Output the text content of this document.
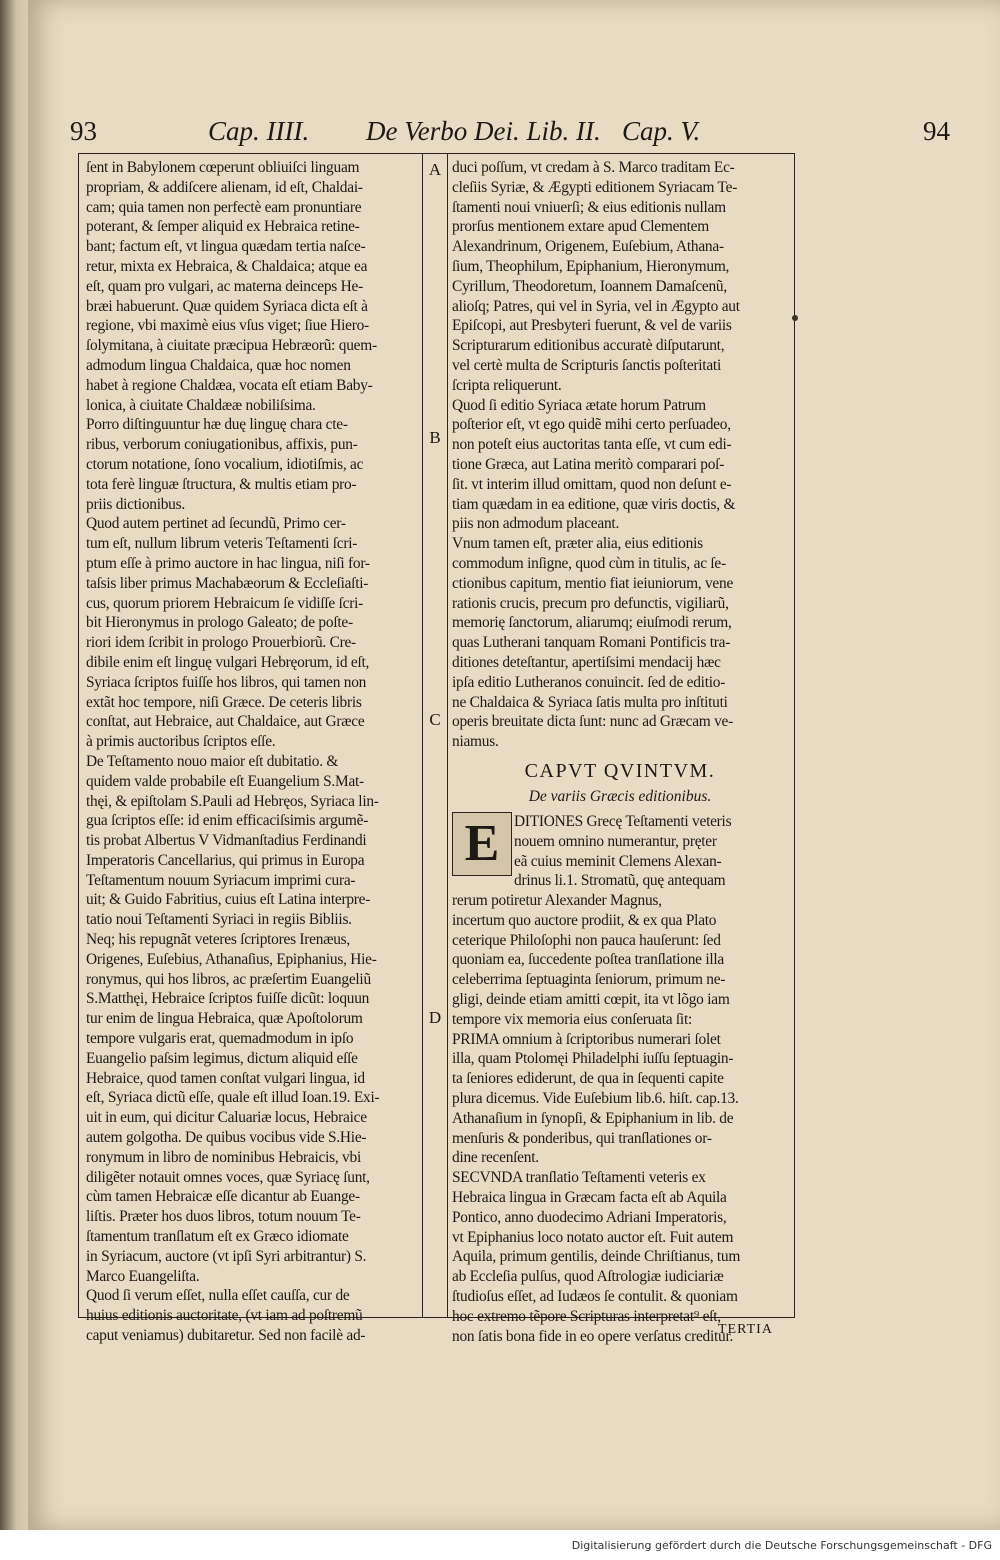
93	Cap. IIII. De Verbo Dei. Lib. II. Cap. V.	94
A
B
C
D
ſent in Babylonem cœperunt obliuiſci linguam
propriam, & addiſcere alienam, id eſt, Chaldai-
cam; quia tamen non perfectè eam pronuntiare
poterant, & ſemper aliquid ex Hebraica retine-
bant; factum eſt, vt lingua quædam tertia naſce-
retur, mixta ex Hebraica, & Chaldaica; atque ea
eſt, quam pro vulgari, ac materna deinceps He-
bræi habuerunt. Quæ quidem Syriaca dicta eſt à
regione, vbi maximè eius vſus viget; ſiue Hiero-
ſolymitana, à ciuitate præcipua Hebræorũ: quem-
admodum lingua Chaldaica, quæ hoc nomen
habet à regione Chaldæa, vocata eſt etiam Baby-
lonica, à ciuitate Chaldææ nobiliſsima.
Porro diſtinguuntur hæ duę linguę chara cte-
ribus, verborum coniugationibus, affixis, pun-
ctorum notatione, ſono vocalium, idiotiſmis, ac
tota ferè linguæ ſtructura, & multis etiam pro-
priis dictionibus.
Quod autem pertinet ad ſecundũ, Primo cer-
tum eſt, nullum librum veteris Teſtamenti ſcri-
ptum eſſe à primo auctore in hac lingua, niſi for-
taſsis liber primus Machabæorum & Eccleſiaſti-
cus, quorum priorem Hebraicum ſe vidiſſe ſcri-
bit Hieronymus in prologo Galeato; de poſte-
riori idem ſcribit in prologo Prouerbiorũ. Cre-
dibile enim eſt linguę vulgari Hebręorum, id eſt,
Syriaca ſcriptos fuiſſe hos libros, qui tamen non
extãt hoc tempore, niſi Græce. De ceteris libris
conſtat, aut Hebraice, aut Chaldaice, aut Græce
à primis auctoribus ſcriptos eſſe.
De Teſtamento nouo maior eſt dubitatio. &
quidem valde probabile eſt Euangelium S.Mat-
thęi, & epiſtolam S.Pauli ad Hebręos, Syriaca lin-
gua ſcriptos eſſe: id enim efficaciſsimis argumẽ-
tis probat Albertus V Vidmanſtadius Ferdinandi
Imperatoris Cancellarius, qui primus in Europa
Teſtamentum nouum Syriacum imprimi cura-
uit; & Guido Fabritius, cuius eſt Latina interpre-
tatio noui Teſtamenti Syriaci in regiis Bibliis.
Neq; his repugnãt veteres ſcriptores Irenæus,
Origenes, Euſebius, Athanaſius, Epiphanius, Hie-
ronymus, qui hos libros, ac præſertim Euangeliũ
S.Matthęi, Hebraice ſcriptos fuiſſe dicũt: loquun
tur enim de lingua Hebraica, quæ Apoſtolorum
tempore vulgaris erat, quemadmodum in ipſo
Euangelio paſsim legimus, dictum aliquid eſſe
Hebraice, quod tamen conſtat vulgari lingua, id
eſt, Syriaca dictũ eſſe, quale eſt illud Ioan.19. Exi-
uit in eum, qui dicitur Caluariæ locus, Hebraice
autem golgotha. De quibus vocibus vide S.Hie-
ronymum in libro de nominibus Hebraicis, vbi
diligẽter notauit omnes voces, quæ Syriacę ſunt,
cùm tamen Hebraicæ eſſe dicantur ab Euange-
liſtis. Præter hos duos libros, totum nouum Te-
ſtamentum tranſlatum eſt ex Græco idiomate
in Syriacum, auctore (vt ipſi Syri arbitrantur) S.
Marco Euangeliſta.
Quod ſi verum eſſet, nulla eſſet cauſſa, cur de
huius editionis auctoritate, (vt iam ad poſtremũ
caput veniamus) dubitaretur. Sed non facilè ad-
duci poſſum, vt credam à S. Marco traditam Ec-
cleſiis Syriæ, & Ægypti editionem Syriacam Te-
ſtamenti noui vniuerſi; & eius editionis nullam
prorſus mentionem extare apud Clementem
Alexandrinum, Origenem, Euſebium, Athana-
ſium, Theophilum, Epiphanium, Hieronymum,
Cyrillum, Theodoretum, Ioannem Damaſcenũ,
alioſq; Patres, qui vel in Syria, vel in Ægypto aut
Epiſcopi, aut Presbyteri fuerunt, & vel de variis
Scripturarum editionibus accuratè diſputarunt,
vel certè multa de Scripturis ſanctis poſteritati
ſcripta reliquerunt.
Quod ſi editio Syriaca ætate horum Patrum
poſterior eſt, vt ego quidẽ mihi certo perſuadeo,
non poteſt eius auctoritas tanta eſſe, vt cum edi-
tione Græca, aut Latina meritò comparari poſ-
ſit. vt interim illud omittam, quod non deſunt e-
tiam quædam in ea editione, quæ viris doctis, &
piis non admodum placeant.
Vnum tamen eſt, præter alia, eius editionis
commodum inſigne, quod cùm in titulis, ac ſe-
ctionibus capitum, mentio fiat ieiuniorum, vene
rationis crucis, precum pro defunctis, vigiliarũ,
memorię ſanctorum, aliarumq; eiuſmodi rerum,
quas Lutherani tanquam Romani Pontificis tra-
ditiones deteſtantur, apertiſsimi mendacij hæc
ipſa editio Lutheranos conuincit. ſed de editio-
ne Chaldaica & Syriaca ſatis multa pro inſtituti
operis breuitate dicta ſunt: nunc ad Græcam ve-
niamus.
CAPVT QVINTVM.
De variis Græcis editionibus.
E DITIONES Grecę Teſtamenti veteris
nouem omnino numerantur, pręter
eã cuius meminit Clemens Alexan-
drinus li.1. Stromatũ, quę antequam
rerum potiretur Alexander Magnus,
incertum quo auctore prodiit, & ex qua Plato
ceterique Philoſophi non pauca hauſerunt: ſed
quoniam ea, ſuccedente poſtea tranſlatione illa
celeberrima ſeptuaginta ſeniorum, primum ne-
gligi, deinde etiam amitti cœpit, ita vt lõgo iam
tempore vix memoria eius conſeruata ſit:
PRIMA omnium à ſcriptoribus numerari ſolet
illa, quam Ptolomęi Philadelphi iuſſu ſeptuagin-
ta ſeniores ediderunt, de qua in ſequenti capite
plura dicemus. Vide Euſebium lib.6. hiſt. cap.13.
Athanaſium in ſynopſi, & Epiphanium in lib. de
menſuris & ponderibus, qui tranſlationes or-
dine recenſent.
SECVNDA tranſlatio Teſtamenti veteris ex
Hebraica lingua in Græcam facta eſt ab Aquila
Pontico, anno duodecimo Adriani Imperatoris,
vt Epiphanius loco notato auctor eſt. Fuit autem
Aquila, primum gentilis, deinde Chriſtianus, tum
ab Eccleſia pulſus, quod Aſtrologiæ iudiciariæ
ſtudioſus eſſet, ad Iudæos ſe contulit. & quoniam
hoc extremo tẽpore Scripturas interpretat⁹ eſt,
non ſatis bona fide in eo opere verſatus creditur.
TERTIA
Digitalisierung gefördert durch die Deutsche Forschungsgemeinschaft - DFG
